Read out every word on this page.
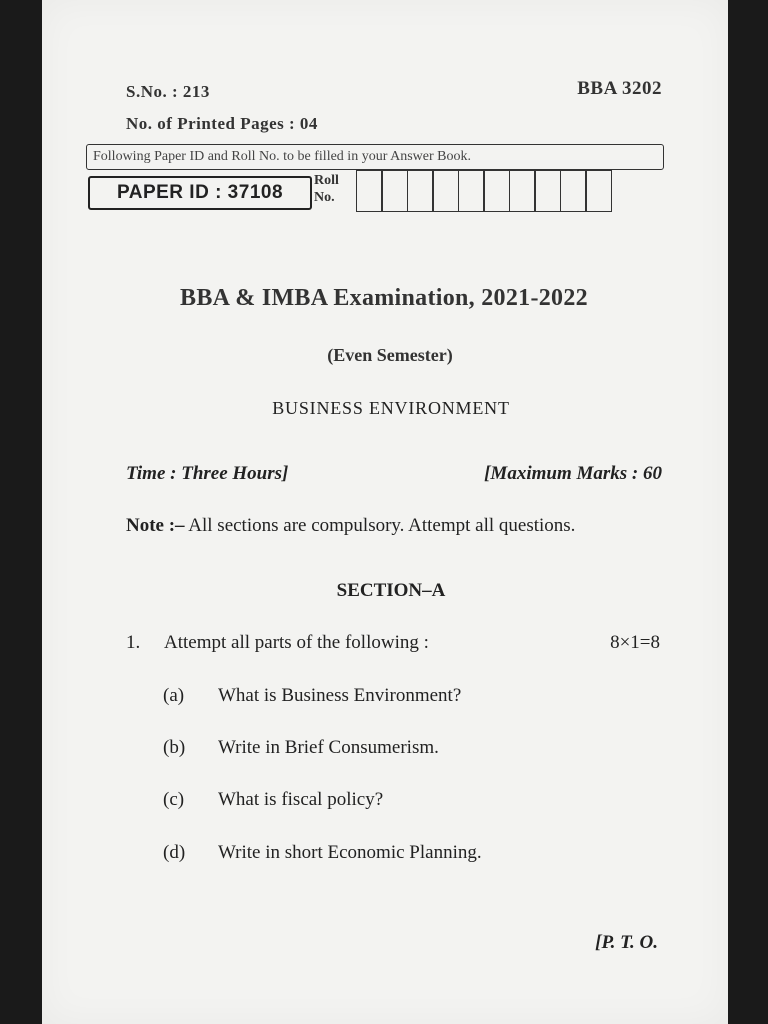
S.No. : 213	BBA 3202
No. of Printed Pages : 04
Following Paper ID and Roll No. to be filled in your Answer Book.
PAPER ID : 37108
Roll
No.
BBA & IMBA Examination, 2021-2022
(Even Semester)
BUSINESS ENVIRONMENT
Time : Three Hours]	[Maximum Marks : 60
Note :– All sections are compulsory. Attempt all questions.
SECTION–A
1. Attempt all parts of the following :	8×1=8
(a) What is Business Environment?
(b) Write in Brief Consumerism.
(c) What is fiscal policy?
(d) Write in short Economic Planning.
[P. T. O.
